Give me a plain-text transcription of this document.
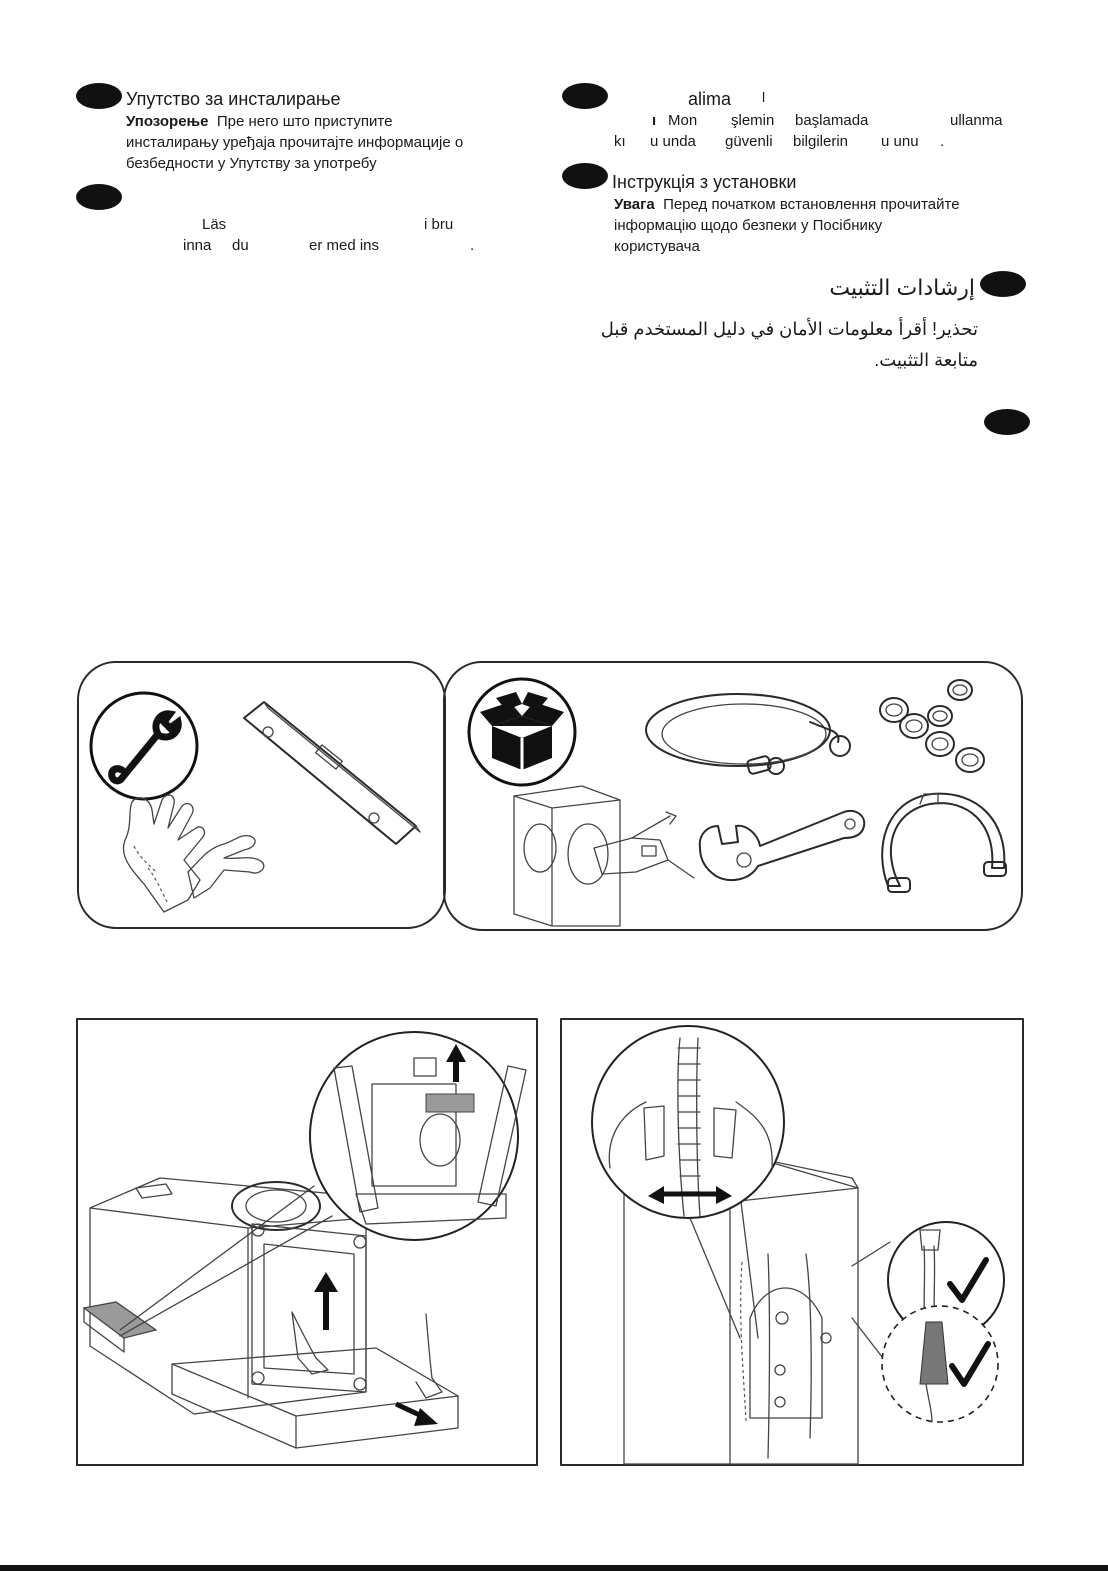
Упутство за инсталирање
Упозорење Пре него што приступите
инсталирању уређаја прочитајте информације о
безбедности у Упутству за употребу
Läs	i bru
inna du	er med ins	.
alima l
ı Mon şlemin başlamada	ullanma
kı u unda güvenli bilgilerin u unu .
Інструкція з установки
Увага Перед початком встановлення прочитайте
інформацію щодо безпеки у Посібнику
користувача
إرشادات التثبيت
تحذير! أقرأ معلومات الأمان في دليل المستخدم قبل
متابعة التثبيت.
